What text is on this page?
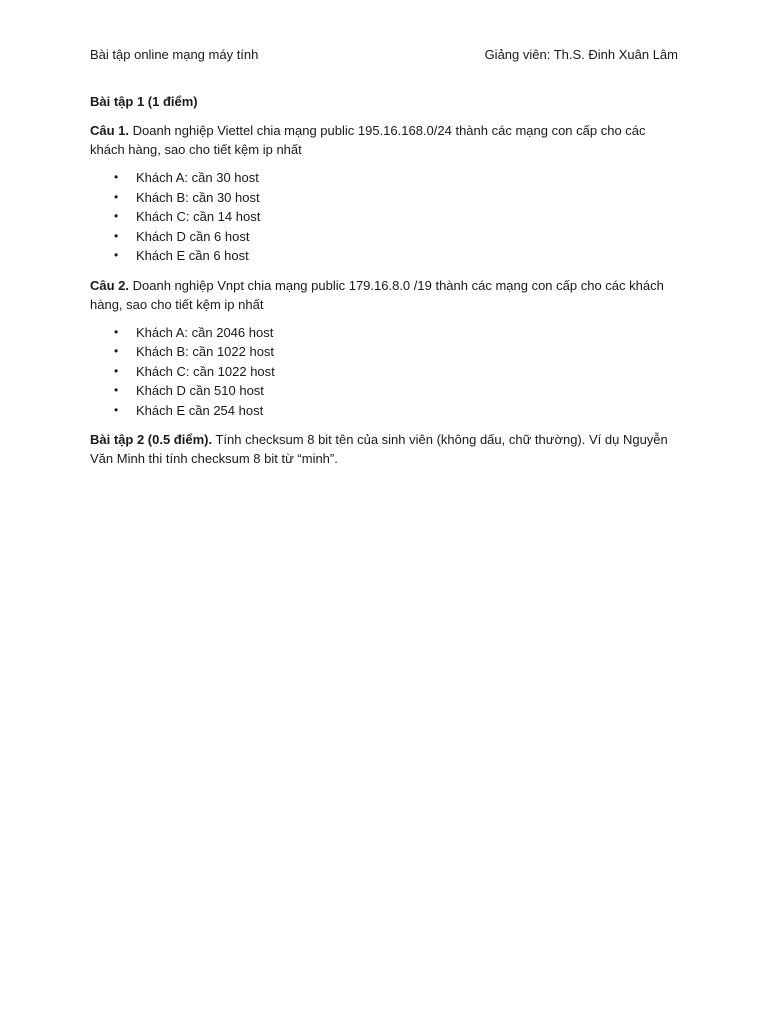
Bài tập online mạng máy tính	Giảng viên: Th.S. Đinh Xuân Lâm
Bài tập 1 (1 điểm)

Câu 1. Doanh nghiệp Viettel chia mạng public 195.16.168.0/24 thành các mạng con cấp cho các khách hàng, sao cho tiết kệm ip nhất

• Khách A: cần 30 host
• Khách B: cần 30 host
• Khách C: cần 14 host
• Khách D cần 6 host
• Khách E cần 6 host

Câu 2. Doanh nghiệp Vnpt chia mạng public 179.16.8.0 /19 thành các mạng con cấp cho các khách hàng, sao cho tiết kệm ip nhất

• Khách A: cần 2046 host
• Khách B: cần 1022 host
• Khách C: cần 1022 host
• Khách D cần 510 host
• Khách E cần 254 host

Bài tập 2 (0.5 điểm). Tính checksum 8 bit tên của sinh viên (không dấu, chữ thường). Ví dụ Nguyễn Văn Minh thi tính checksum 8 bit từ “minh”.
